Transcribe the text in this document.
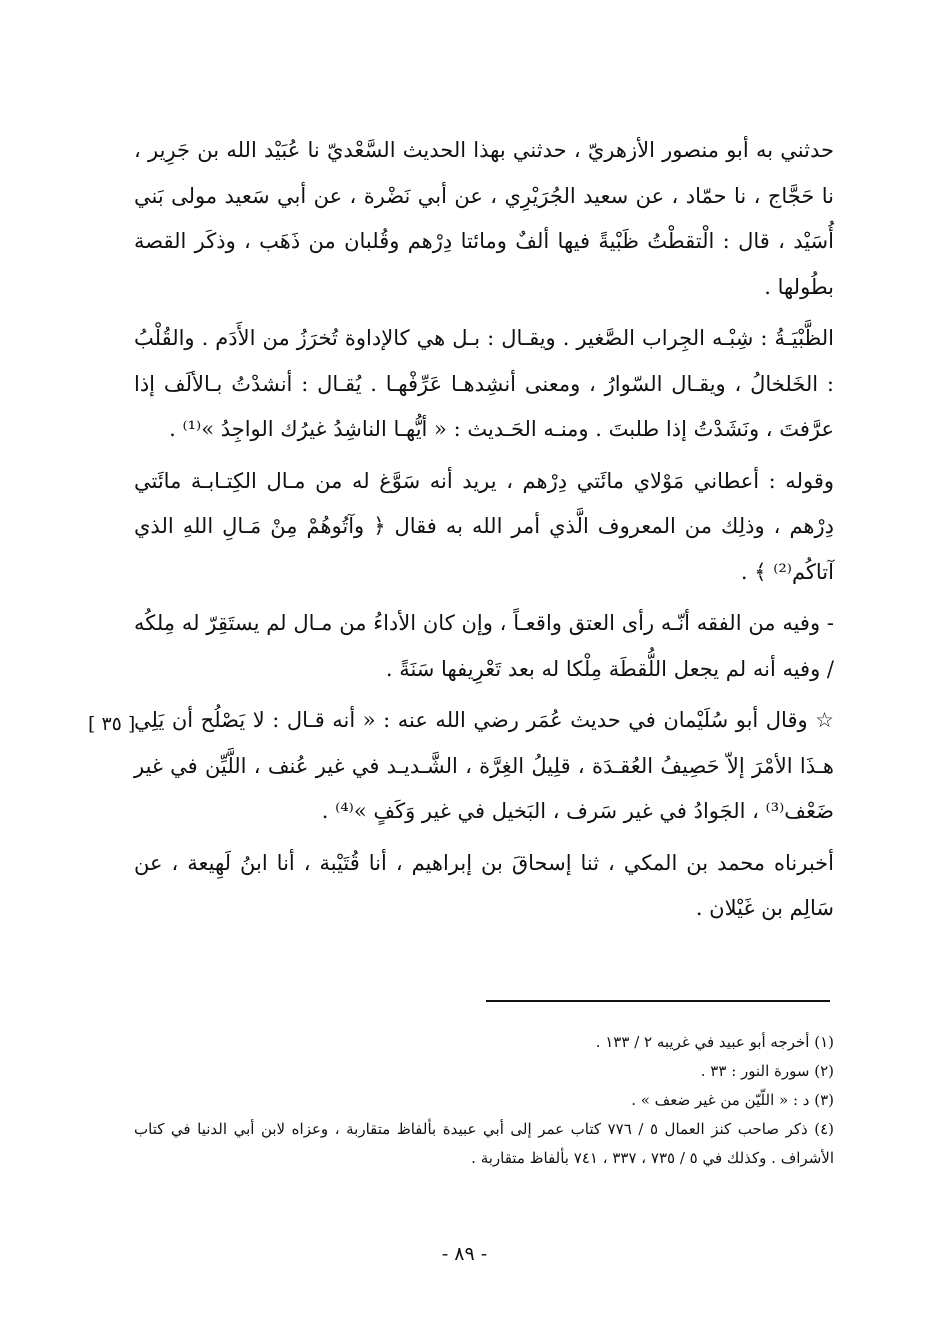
حدثني به أبو منصور الأزهريّ ، حدثني بهذا الحديث السَّعْديّ نا عُبَيْد الله بن جَرِير ، نا حَجَّاج ، نا حمّاد ، عن سعيد الجُرَيْرِي ، عن أبي نَضْرة ، عن أبي سَعيد مولى بَني أُسَيْد ، قال : الْتقطْتُ ظَبْيةً فيها ألفٌ ومائتا دِرْهم وقُلبان من ذَهَب ، وذكَر القصة بطُولها .

الظَّبْيَـةُ : شِبْـه الجِراب الصَّغير . ويقـال : بـل هي كالإداوة تُخرَزُ من الأَدَم . والقُلْبُ : الخَلخالُ ، ويقـال السّوارُ ، ومعنى أنشِدهـا عَرِّفْهـا . يُقـال : أنشدْتُ بـالألَف إذا عرَّفتَ ، ونَشَدْتُ إذا طلبتَ . ومنـه الحَـديث : « أيُّهـا الناشِدُ غيرُك الواجِدُ »⁽¹⁾ .

وقوله : أعطاني مَوْلاي مائَتي دِرْهم ، يريد أنه سَوَّغ له من مـال الكِتـابـة مائَتي دِرْهم ، وذلِك من المعروف الَّذي أمر الله به فقال ﴿ وآتُوهُمْ مِنْ مَـالِ اللهِ الذي آتاكُم⁽²⁾ ﴾ .

- وفيه من الفقه أنّـه رأى العتق واقعـاً ، وإن كان الأداءُ من مـال لم يستَقِرّ له مِلكُه / وفيه أنه لم يجعل اللُّقطَة مِلْكا له بعد تَعْرِيفها سَنَةً .

☆ وقال أبو سُلَيْمان في حديث عُمَر رضي الله عنه : « أنه قـال : لا يَصْلُح أن يَلِي هـذَا الأمْرَ إلاّ حَصِيفُ العُقـدَة ، قلِيلُ الغِرَّة ، الشَّـديـد في غير عُنف ، اللَّيِّن في غير ضَعْف⁽³⁾ ، الجَوادُ في غير سَرف ، البَخيل في غير وَكَفٍ »⁽⁴⁾ .

أخبرناه محمد بن المكي ، ثنا إسحاقَ بن إبراهيم ، أنا قُتَيْبة ، أنا ابنُ لَهِيعة ، عن سَالِم بن غَيْلان .

[ ٣٥ ]

(١) أخرجه أبو عبيد في غريبه ٢ / ١٣٣ .

(٢) سورة النور : ٣٣ .

(٣) د : « اللّيّن من غير ضعف » .

(٤) ذكر صاحب كنز العمال ٥ / ٧٧٦ كتاب عمر إلى أبي عبيدة بألفاظ متقاربة ، وعزاه لابن أبي الدنيا في كتاب الأشراف . وكذلك في ٥ / ٧٣٥ ، ٣٣٧ ، ٧٤١ بألفاظ متقاربة .

- ٨٩ -
